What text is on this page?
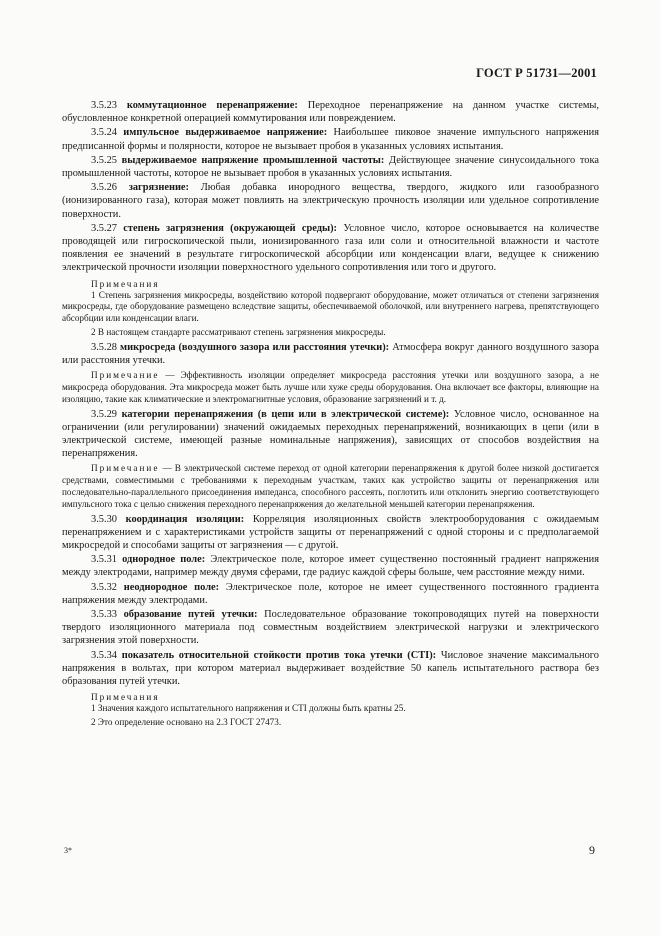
ГОСТ Р 51731—2001

3.5.23 коммутационное перенапряжение: Переходное перенапряжение на данном участке системы, обусловленное конкретной операцией коммутирования или повреждением.

3.5.24 импульсное выдерживаемое напряжение: Наибольшее пиковое значение импульсного напряжения предписанной формы и полярности, которое не вызывает пробоя в указанных условиях испытания.

3.5.25 выдерживаемое напряжение промышленной частоты: Действующее значение синусоидального тока промышленной частоты, которое не вызывает пробоя в указанных условиях испытания.

3.5.26 загрязнение: Любая добавка инородного вещества, твердого, жидкого или газообразного (ионизированного газа), которая может повлиять на электрическую прочность изоляции или удельное сопротивление поверхности.

3.5.27 степень загрязнения (окружающей среды): Условное число, которое основывается на количестве проводящей или гигроскопической пыли, ионизированного газа или соли и относительной влажности и частоте появления ее значений в результате гигроскопической абсорбции или конденсации влаги, ведущее к снижению электрической прочности изоляции поверхностного удельного сопротивления или того и другого.

Примечания

1 Степень загрязнения микросреды, воздействию которой подвергают оборудование, может отличаться от степени загрязнения микросреды, где оборудование размещено вследствие защиты, обеспечиваемой оболочкой, или внутреннего нагрева, препятствующего абсорбции или конденсации влаги.

2 В настоящем стандарте рассматривают степень загрязнения микросреды.

3.5.28 микросреда (воздушного зазора или расстояния утечки): Атмосфера вокруг данного воздушного зазора или расстояния утечки.

Примечание — Эффективность изоляции определяет микросреда расстояния утечки или воздушного зазора, а не микросреда оборудования. Эта микросреда может быть лучше или хуже среды оборудования. Она включает все факторы, влияющие на изоляцию, такие как климатические и электромагнитные условия, образование загрязнений и т. д.

3.5.29 категории перенапряжения (в цепи или в электрической системе): Условное число, основанное на ограничении (или регулировании) значений ожидаемых переходных перенапряжений, возникающих в цепи (или в электрической системе, имеющей разные номинальные напряжения), зависящих от способов воздействия на перенапряжения.

Примечание — В электрической системе переход от одной категории перенапряжения к другой более низкой достигается средствами, совместимыми с требованиями к переходным участкам, таких как устройство защиты от перенапряжения или последовательно-параллельного присоединения импеданса, способного рассеять, поглотить или отклонить энергию соответствующего импульсного тока с целью снижения переходного перенапряжения до желательной меньшей категории перенапряжения.

3.5.30 координация изоляции: Корреляция изоляционных свойств электрооборудования с ожидаемым перенапряжением и с характеристиками устройств защиты от перенапряжений с одной стороны и с предполагаемой микросредой и способами защиты от загрязнения — с другой.

3.5.31 однородное поле: Электрическое поле, которое имеет существенно постоянный градиент напряжения между электродами, например между двумя сферами, где радиус каждой сферы больше, чем расстояние между ними.

3.5.32 неоднородное поле: Электрическое поле, которое не имеет существенного постоянного градиента напряжения между электродами.

3.5.33 образование путей утечки: Последовательное образование токопроводящих путей на поверхности твердого изоляционного материала под совместным воздействием электрической нагрузки и электрического загрязнения этой поверхности.

3.5.34 показатель относительной стойкости против тока утечки (СТI): Числовое значение максимального напряжения в вольтах, при котором материал выдерживает воздействие 50 капель испытательного раствора без образования путей утечки.

Примечания

1 Значения каждого испытательного напряжения и СТI должны быть кратны 25.

2 Это определение основано на 2.3 ГОСТ 27473.

3*	9
